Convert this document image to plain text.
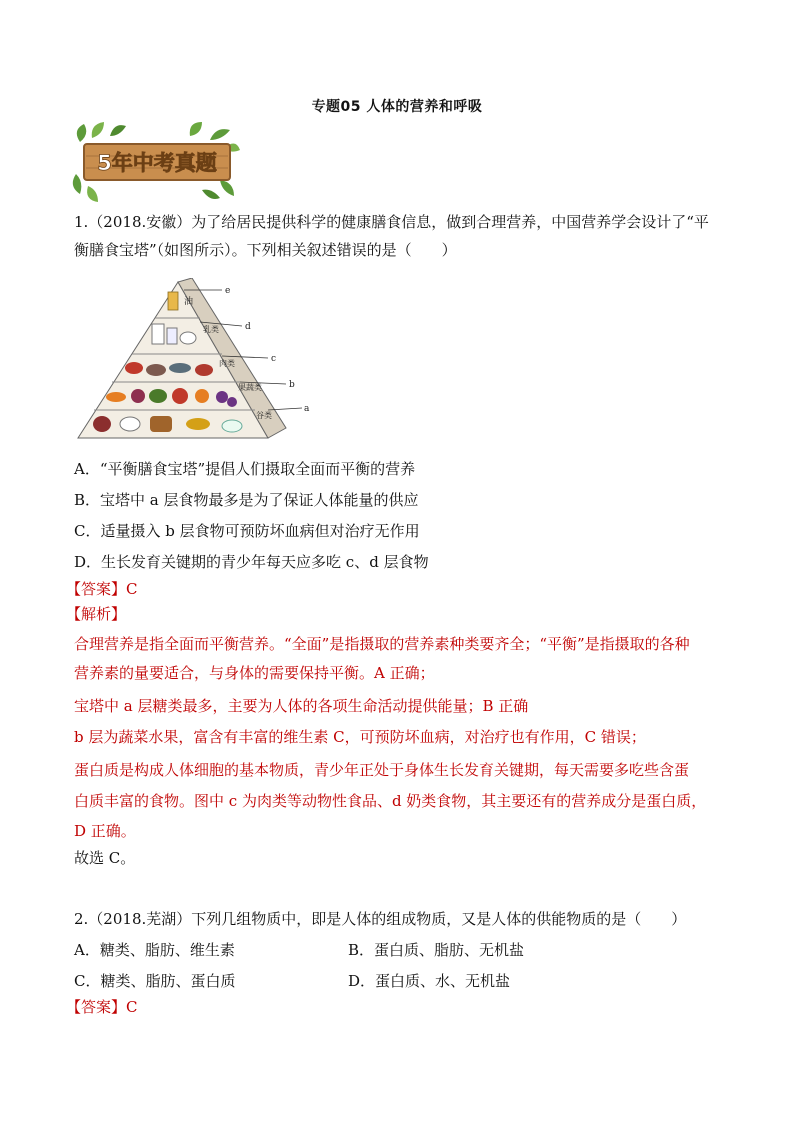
专题05 人体的营养和呼吸
5年中考真题
1.（2018.安徽）为了给居民提供科学的健康膳食信息，做到合理营养，中国营养学会设计了“平
衡膳食宝塔”（如图所示）。下列相关叙述错误的是（　　）
油
乳类
肉类
果蔬类
谷类
e
d
c
b
a
A．“平衡膳食宝塔”提倡人们摄取全面而平衡的营养
B．宝塔中 a 层食物最多是为了保证人体能量的供应
C．适量摄入 b 层食物可预防坏血病但对治疗无作用
D．生长发育关键期的青少年每天应多吃 c、d 层食物
【答案】C
【解析】
合理营养是指全面而平衡营养。“全面”是指摄取的营养素种类要齐全；“平衡”是指摄取的各种
营养素的量要适合，与身体的需要保持平衡。A 正确；
宝塔中 a 层糖类最多，主要为人体的各项生命活动提供能量；B 正确
b 层为蔬菜水果，富含有丰富的维生素 C，可预防坏血病，对治疗也有作用，C 错误；
蛋白质是构成人体细胞的基本物质，青少年正处于身体生长发育关键期，每天需要多吃些含蛋
白质丰富的食物。图中 c 为肉类等动物性食品、d 奶类食物，其主要还有的营养成分是蛋白质，
D 正确。
故选 C。
2.（2018.芜湖）下列几组物质中，即是人体的组成物质，又是人体的供能物质的是（　　）
A．糖类、脂肪、维生素	B．蛋白质、脂肪、无机盐
C．糖类、脂肪、蛋白质	D．蛋白质、水、无机盐
【答案】C
